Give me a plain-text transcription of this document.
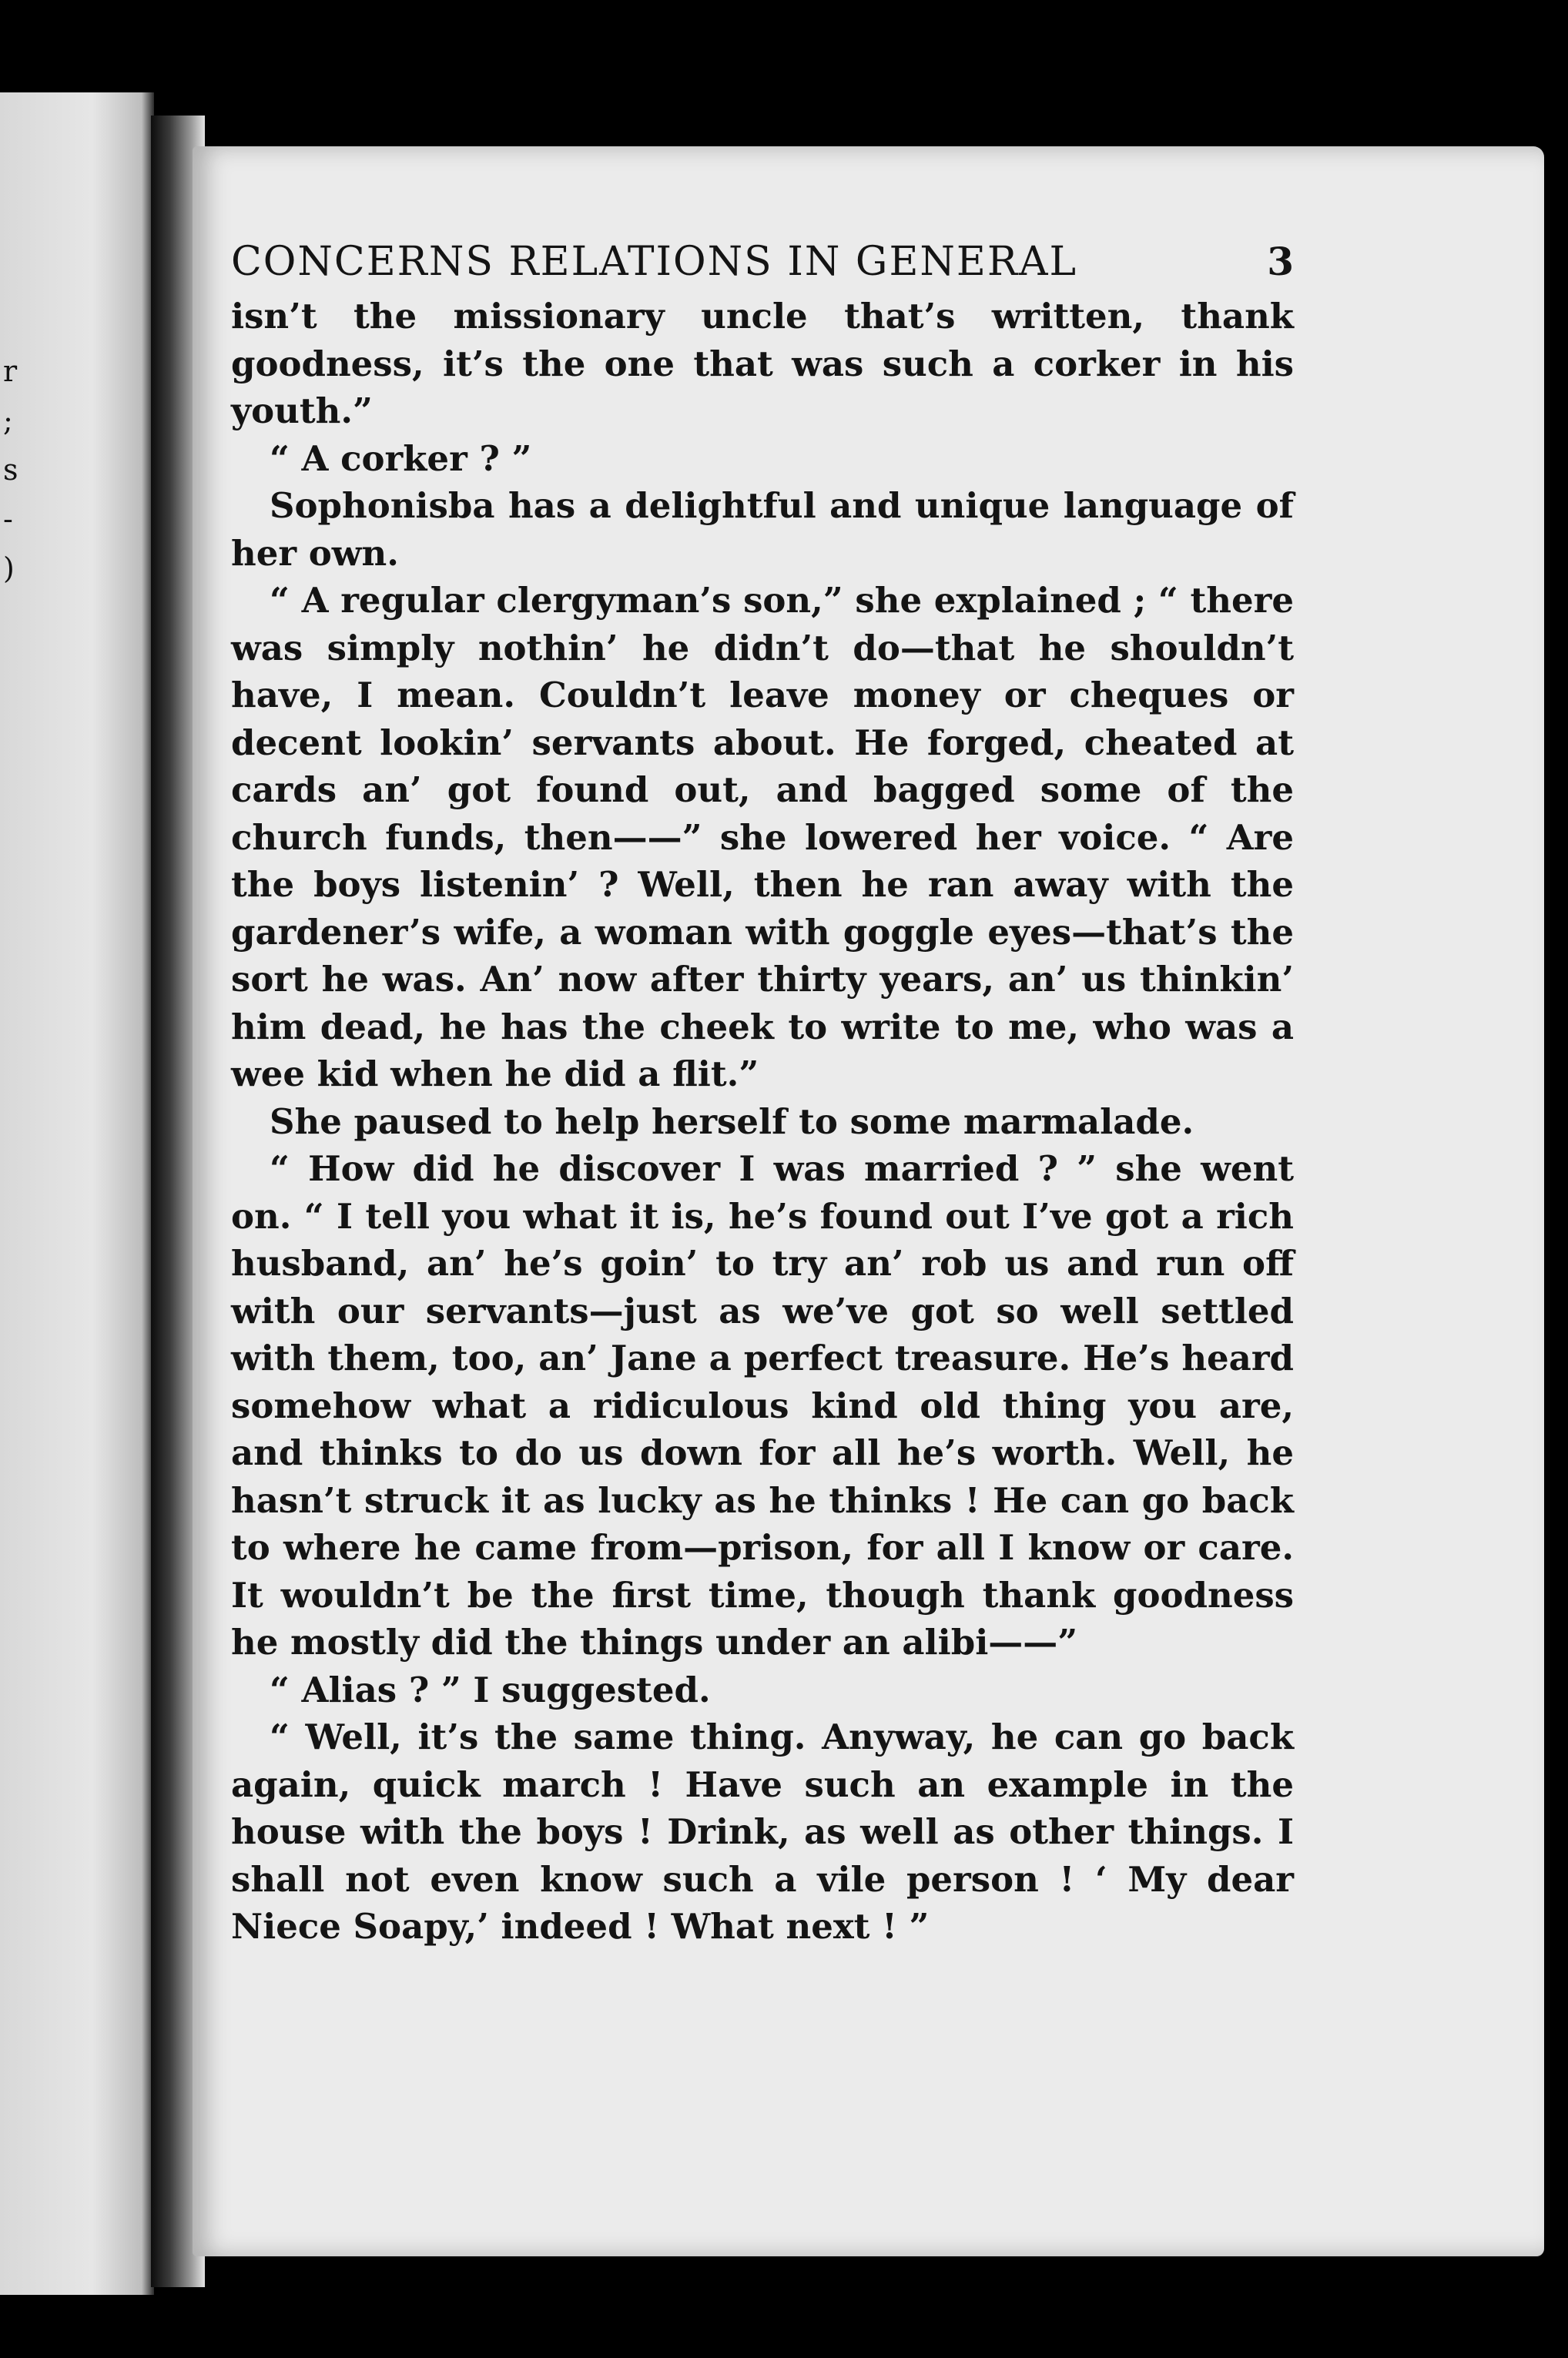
r
;
s
-
)
CONCERNS RELATIONS IN GENERAL	3

isn’t the missionary uncle that’s written, thank goodness, it’s the one that was such a corker in his youth.”

“ A corker ? ”

Sophonisba has a delightful and unique language of her own.

“ A regular clergyman’s son,” she explained ; “ there was simply nothin’ he didn’t do—that he shouldn’t have, I mean. Couldn’t leave money or cheques or decent lookin’ servants about. He forged, cheated at cards an’ got found out, and bagged some of the church funds, then——” she lowered her voice. “ Are the boys listenin’ ? Well, then he ran away with the gardener’s wife, a woman with goggle eyes—that’s the sort he was. An’ now after thirty years, an’ us thinkin’ him dead, he has the cheek to write to me, who was a wee kid when he did a flit.”

She paused to help herself to some marmalade.

“ How did he discover I was married ? ” she went on. “ I tell you what it is, he’s found out I’ve got a rich husband, an’ he’s goin’ to try an’ rob us and run off with our servants—just as we’ve got so well settled with them, too, an’ Jane a perfect treasure. He’s heard somehow what a ridiculous kind old thing you are, and thinks to do us down for all he’s worth. Well, he hasn’t struck it as lucky as he thinks ! He can go back to where he came from—prison, for all I know or care. It wouldn’t be the first time, though thank goodness he mostly did the things under an alibi——”

“ Alias ? ” I suggested.

“ Well, it’s the same thing. Anyway, he can go back again, quick march ! Have such an example in the house with the boys ! Drink, as well as other things. I shall not even know such a vile person ! ‘ My dear Niece Soapy,’ indeed ! What next ! ”
